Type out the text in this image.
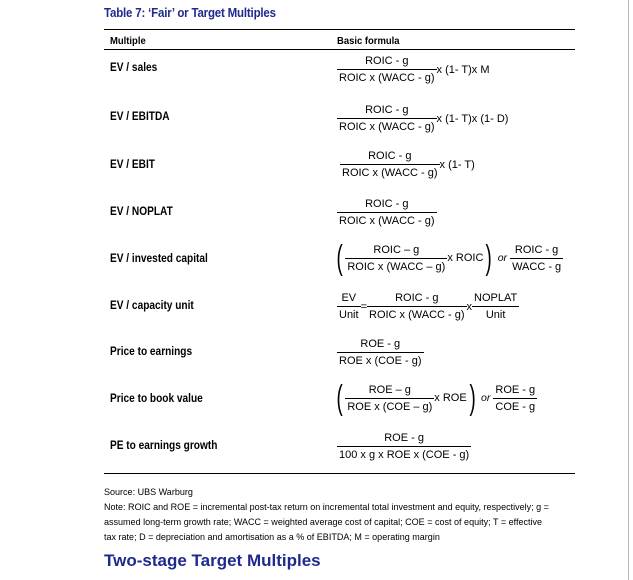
Table 7: ‘Fair’ or Target Multiples
Multiple	Basic formula
EV / sales	$\frac{\text{ROIC - g}}{\text{ROIC x (WACC - g)}}$ x (1- T)x M
EV / EBITDA	$\frac{\text{ROIC - g}}{\text{ROIC x (WACC - g)}}$ x (1- T)x (1- D)
EV / EBIT	$\frac{\text{ROIC - g}}{\text{ROIC x (WACC - g)}}$ x (1- T)
EV / NOPLAT	$\frac{\text{ROIC - g}}{\text{ROIC x (WACC - g)}}$
EV / invested capital	( $\frac{\text{ROIC – g}}{\text{ROIC x (WACC – g)}}$ x ROIC) or $\frac{\text{ROIC - g}}{\text{WACC - g}}$
EV / capacity unit	$\frac{EV}{\text{Unit}} = \frac{\text{ROIC - g}}{\text{ROIC x (WACC - g)}}$ x $\frac{\text{NOPLAT}}{\text{Unit}}$
Price to earnings	$\frac{\text{ROE - g}}{\text{ROE x (COE - g)}}$
Price to book value	( $\frac{\text{ROE – g}}{\text{ROE x (COE – g)}}$ x ROE) or $\frac{\text{ROE - g}}{\text{COE - g}}$
PE to earnings growth	$\frac{\text{ROE - g}}{\text{100 x g x ROE x (COE - g)}}$
Source: UBS Warburg
Note: ROIC and ROE = incremental post-tax return on incremental total investment and equity, respectively; g = assumed long-term growth rate; WACC = weighted average cost of capital; COE = cost of equity; T = effective tax rate; D = depreciation and amortisation as a % of EBITDA; M = operating margin
Two-stage Target Multiples
